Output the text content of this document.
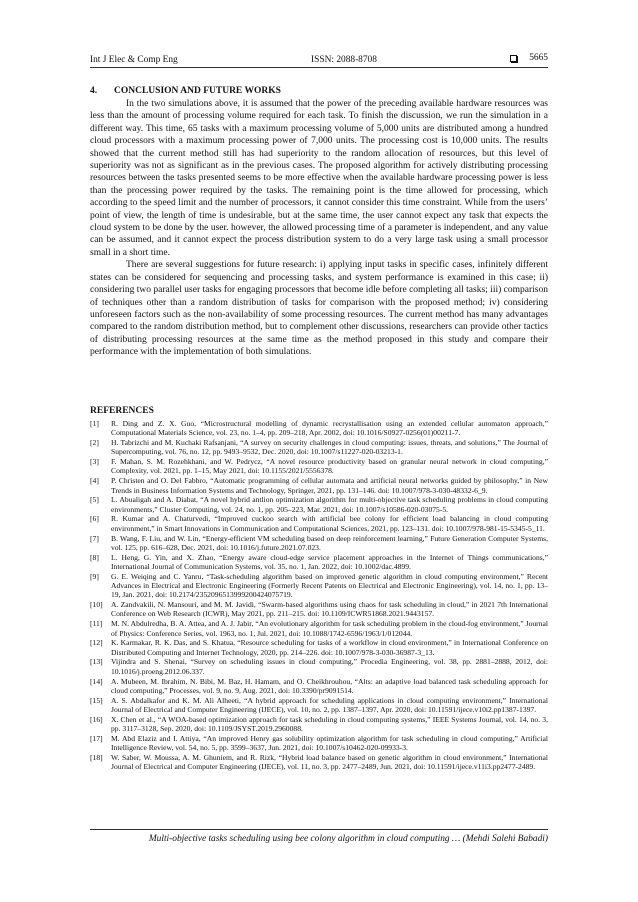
Int J Elec & Comp Eng	ISSN: 2088-8708	5665
4. CONCLUSION AND FUTURE WORKS

In the two simulations above, it is assumed that the power of the preceding available hardware resources was less than the amount of processing volume required for each task. To finish the discussion, we run the simulation in a different way. This time, 65 tasks with a maximum processing volume of 5,000 units are distributed among a hundred cloud processors with a maximum processing power of 7,000 units. The processing cost is 10,000 units. The results showed that the current method still has had superiority to the random allocation of resources, but this level of superiority was not as significant as in the previous cases. The proposed algorithm for actively distributing processing resources between the tasks presented seems to be more effective when the available hardware processing power is less than the processing power required by the tasks. The remaining point is the time allowed for processing, which according to the speed limit and the number of processors, it cannot consider this time constraint. While from the users’ point of view, the length of time is undesirable, but at the same time, the user cannot expect any task that expects the cloud system to be done by the user. however, the allowed processing time of a parameter is independent, and any value can be assumed, and it cannot expect the process distribution system to do a very large task using a small processor small in a short time.

There are several suggestions for future research: i) applying input tasks in specific cases, infinitely different states can be considered for sequencing and processing tasks, and system performance is examined in this case; ii) considering two parallel user tasks for engaging processors that become idle before completing all tasks; iii) comparison of techniques other than a random distribution of tasks for comparison with the proposed method; iv) considering unforeseen factors such as the non-availability of some processing resources. The current method has many advantages compared to the random distribution method, but to complement other discussions, researchers can provide other tactics of distributing processing resources at the same time as the method proposed in this study and compare their performance with the implementation of both simulations.

REFERENCES
[1]	R. Ding and Z. X. Guo, “Microstructural modelling of dynamic recrystallisation using an extended cellular automaton approach,” Computational Materials Science, vol. 23, no. 1–4, pp. 209–218, Apr. 2002, doi: 10.1016/S0927-0256(01)00211-7.
[2]	H. Tabrizchi and M. Kuchaki Rafsanjani, “A survey on security challenges in cloud computing: issues, threats, and solutions,” The Journal of Supercomputing, vol. 76, no. 12, pp. 9493–9532, Dec. 2020, doi: 10.1007/s11227-020-03213-1.
[3]	F. Mahan, S. M. Rozehkhani, and W. Pedrycz, “A novel resource productivity based on granular neural network in cloud computing,” Complexity, vol. 2021, pp. 1–15, May 2021, doi: 10.1155/2021/5556378.
[4]	P. Christen and O. Del Fabbro, “Automatic programming of cellular automata and artificial neural networks guided by philosophy,” in New Trends in Business Information Systems and Technology, Springer, 2021, pp. 131–146. doi: 10.1007/978-3-030-48332-6_9.
[5]	L. Abualigah and A. Diabat, “A novel hybrid antlion optimization algorithm for multi-objective task scheduling problems in cloud computing environments,” Cluster Computing, vol. 24, no. 1, pp. 205–223, Mar. 2021, doi: 10.1007/s10586-020-03075-5.
[6]	R. Kumar and A. Chaturvedi, “Improved cuckoo search with artificial bee colony for efficient load balancing in cloud computing environment,” in Smart Innovations in Communication and Computational Sciences, 2021, pp. 123–131. doi: 10.1007/978-981-15-5345-5_11.
[7]	B. Wang, F. Liu, and W. Lin, “Energy-efficient VM scheduling based on deep reinforcement learning,” Future Generation Computer Systems, vol. 125, pp. 616–628, Dec. 2021, doi: 10.1016/j.future.2021.07.023.
[8]	L. Heng, G. Yin, and X. Zhao, “Energy aware cloud-edge service placement approaches in the Internet of Things communications,” International Journal of Communication Systems, vol. 35, no. 1, Jan. 2022, doi: 10.1002/dac.4899.
[9]	G. E. Weiqing and C. Yanru, “Task-scheduling algorithm based on improved genetic algorithm in cloud computing environment,” Recent Advances in Electrical and Electronic Engineering (Formerly Recent Patents on Electrical and Electronic Engineering), vol. 14, no. 1, pp. 13–19, Jan. 2021, doi: 10.2174/2352096513999200424075719.
[10]	A. Zandvakili, N. Mansouri, and M. M. Javidi, “Swarm-based algorithms using chaos for task scheduling in cloud,” in 2021 7th International Conference on Web Research (ICWR), May 2021, pp. 211–215. doi: 10.1109/ICWR51868.2021.9443157.
[11]	M. N. Abdulredha, B. A. Attea, and A. J. Jabir, “An evolutionary algorithm for task scheduling problem in the cloud-fog environment,” Journal of Physics: Conference Series, vol. 1963, no. 1, Jul. 2021, doi: 10.1088/1742-6596/1963/1/012044.
[12]	K. Karmakar, R. K. Das, and S. Khatua, “Resource scheduling for tasks of a workflow in cloud environment,” in International Conference on Distributed Computing and Internet Technology, 2020, pp. 214–226. doi: 10.1007/978-3-030-36987-3_13.
[13]	Vijindra and S. Shenai, “Survey on scheduling issues in cloud computing,” Procedia Engineering, vol. 38, pp. 2881–2888, 2012, doi: 10.1016/j.proeng.2012.06.337.
[14]	A. Mubeen, M. Ibrahim, N. Bibi, M. Baz, H. Hamam, and O. Cheikhrouhou, “Alts: an adaptive load balanced task scheduling approach for cloud computing,” Processes, vol. 9, no. 9, Aug. 2021, doi: 10.3390/pr9091514.
[15]	A. S. Abdalkafor and K. M. Ali Alheeti, “A hybrid approach for scheduling applications in cloud computing environment,” International Journal of Electrical and Computer Engineering (IJECE), vol. 10, no. 2, pp. 1387–1397, Apr. 2020, doi: 10.11591/ijece.v10i2.pp1387-1397.
[16]	X. Chen et al., “A WOA-based optimization approach for task scheduling in cloud computing systems,” IEEE Systems Journal, vol. 14, no. 3, pp. 3117–3128, Sep. 2020, doi: 10.1109/JSYST.2019.2960088.
[17]	M. Abd Elaziz and I. Attiya, “An improved Henry gas solubility optimization algorithm for task scheduling in cloud computing,” Artificial Intelligence Review, vol. 54, no. 5, pp. 3599–3637, Jun. 2021, doi: 10.1007/s10462-020-09933-3.
[18]	W. Saber, W. Moussa, A. M. Ghuniem, and R. Rizk, “Hybrid load balance based on genetic algorithm in cloud environment,” International Journal of Electrical and Computer Engineering (IJECE), vol. 11, no. 3, pp. 2477–2489, Jun. 2021, doi: 10.11591/ijece.v11i3.pp2477-2489.
Multi-objective tasks scheduling using bee colony algorithm in cloud computing … (Mehdi Salehi Babadi)
